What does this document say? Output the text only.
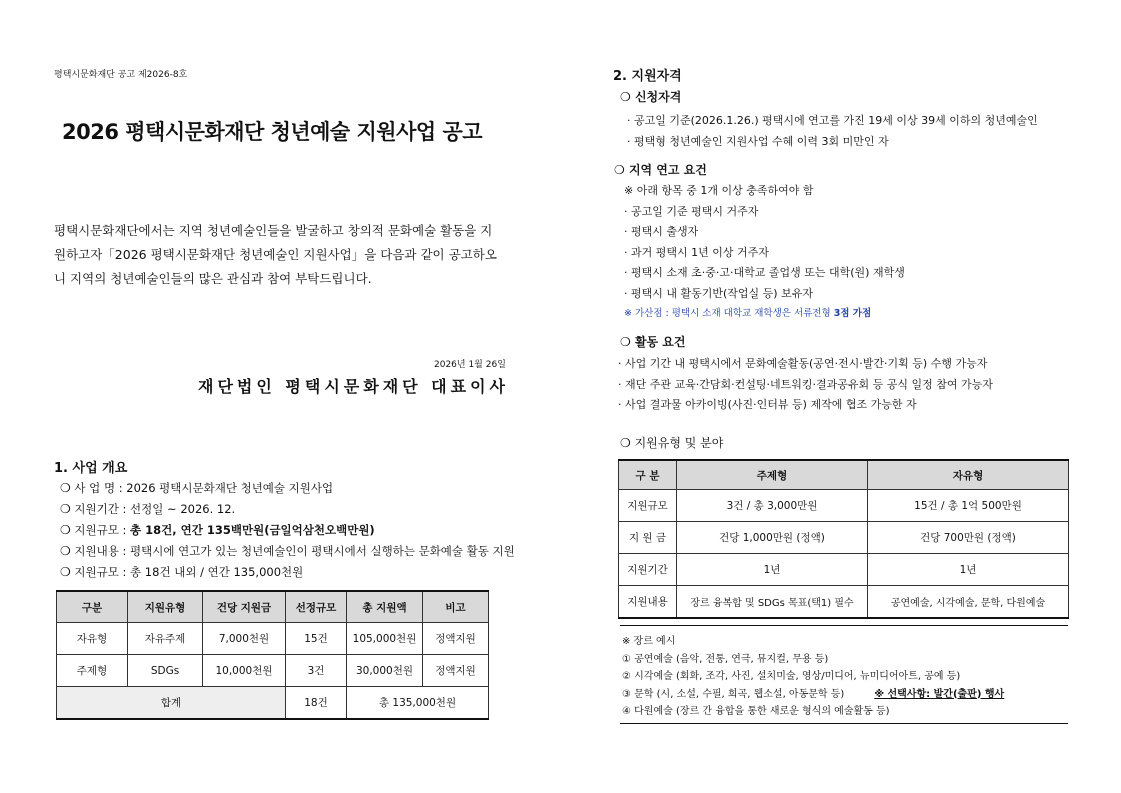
평택시문화재단 공고 제2026-8호
2026 평택시문화재단 청년예술 지원사업 공고
평택시문화재단에서는 지역 청년예술인들을 발굴하고 창의적 문화예술 활동을 지
원하고자「2026 평택시문화재단 청년예술인 지원사업」을 다음과 같이 공고하오
니 지역의 청년예술인들의 많은 관심과 참여 부탁드립니다.
2026년 1월 26일
재단법인 평택시문화재단 대표이사
1. 사업 개요
❍ 사 업 명 : 2026 평택시문화재단 청년예술 지원사업
❍ 지원기간 : 선정일 ~ 2026. 12.
❍ 지원규모 : 총 18건, 연간 135백만원(금일억삼천오백만원)
❍ 지원내용 : 평택시에 연고가 있는 청년예술인이 평택시에서 실행하는 문화예술 활동 지원
❍ 지원규모 : 총 18건 내외 / 연간 135,000천원
구분	지원유형	건당 지원금	선정규모	총 지원액	비고
자유형	자유주제	7,000천원	15건	105,000천원	정액지원
주제형	SDGs	10,000천원	3건	30,000천원	정액지원
합계			18건	총 135,000천원	
2. 지원자격
❍ 신청자격
· 공고일 기준(2026.1.26.) 평택시에 연고를 가진 19세 이상 39세 이하의 청년예술인
· 평택형 청년예술인 지원사업 수혜 이력 3회 미만인 자
❍ 지역 연고 요건
※ 아래 항목 중 1개 이상 충족하여야 함
· 공고일 기준 평택시 거주자
· 평택시 출생자
· 과거 평택시 1년 이상 거주자
· 평택시 소재 초·중·고·대학교 졸업생 또는 대학(원) 재학생
· 평택시 내 활동기반(작업실 등) 보유자
※ 가산점 : 평택시 소재 대학교 재학생은 서류전형 3점 가점
❍ 활동 요건
· 사업 기간 내 평택시에서 문화예술활동(공연·전시·발간·기획 등) 수행 가능자
· 재단 주관 교육·간담회·컨설팅·네트워킹·결과공유회 등 공식 일정 참여 가능자
· 사업 결과물 아카이빙(사진·인터뷰 등) 제작에 협조 가능한 자
❍ 지원유형 및 분야
구 분	주제형	자유형
지원규모	3건 / 총 3,000만원	15건 / 총 1억 500만원
지 원 금	건당 1,000만원 (정액)	건당 700만원 (정액)
지원기간	1년	1년
지원내용	장르 융복합 및 SDGs 목표(택1) 필수	공연예술, 시각예술, 문학, 다원예술
※ 장르 예시
① 공연예술 (음악, 전통, 연극, 뮤지컬, 무용 등)
② 시각예술 (회화, 조각, 사진, 설치미술, 영상/미디어, 뉴미디어아트, 공예 등)
③ 문학 (시, 소설, 수필, 희곡, 웹소설, 아동문학 등)	※ 선택사항: 발간(출판) 행사
④ 다원예술 (장르 간 융합을 통한 새로운 형식의 예술활동 등)
